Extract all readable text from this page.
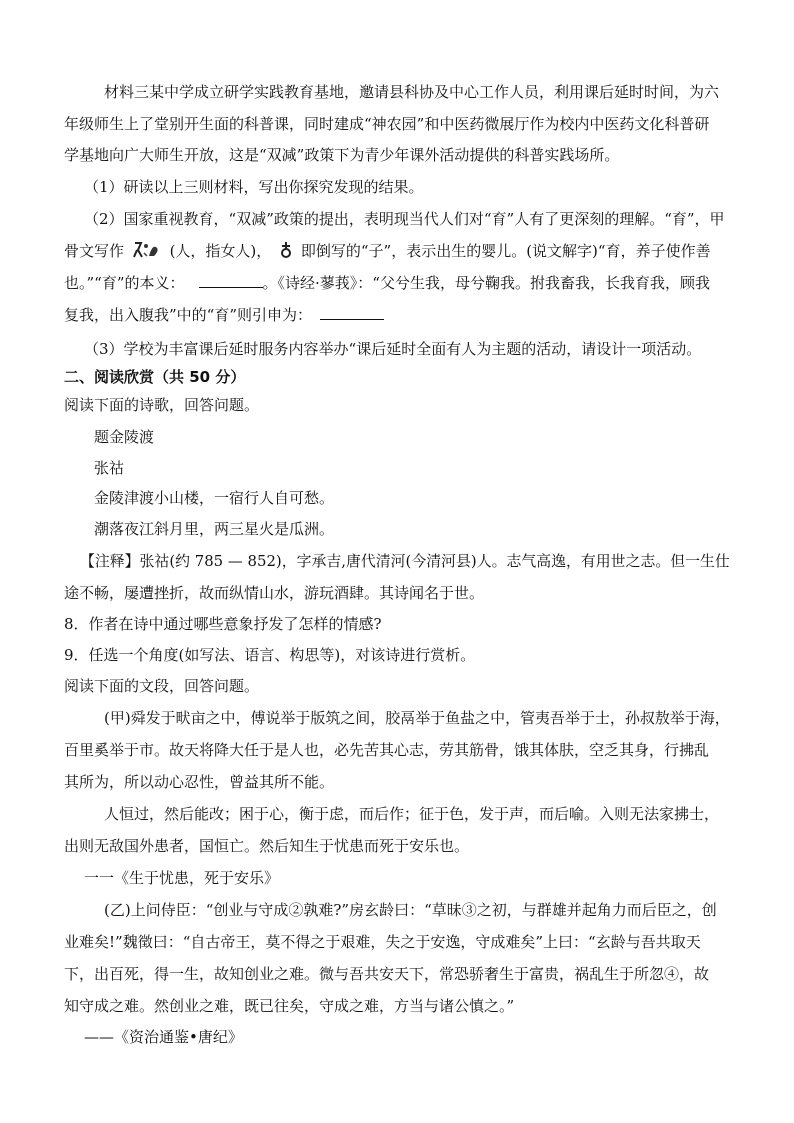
材料三某中学成立研学实践教育基地，邀请县科协及中心工作人员，利用课后延时时间，为六
年级师生上了堂别开生面的科普课，同时建成“神农园”和中医药微展厅作为校内中医药文化科普研
学基地向广大师生开放，这是“双减”政策下为青少年课外活动提供的科普实践场所。
（1）研读以上三则材料，写出你探究发现的结果。
（2）国家重视教育，“双减”政策的提出，表明现当代人们对“育”人有了更深刻的理解。“育”，甲
骨文写作	(人，指女人)， 即倒写的“子”，表示出生的婴儿。(说文解字)“育，养子使作善
也。”“育”的本义：	。《诗经·蓼莪》：“父兮生我，母兮鞠我。拊我畜我，长我育我，顾我
复我，出入腹我”中的“育”则引申为：
（3）学校为丰富课后延时服务内容举办“课后延时全面有人为主题的活动，请设计一项活动。
二、阅读欣赏（共 50 分）
阅读下面的诗歌，回答问题。
题金陵渡
张祜
金陵津渡小山楼，一宿行人自可愁。
潮落夜江斜月里，两三星火是瓜洲。
【注释】张祜(约 785 — 852)，字承吉,唐代清河(今清河县)人。志气高逸，有用世之志。但一生仕
途不畅，屡遭挫折，故而纵情山水，游玩酒肆。其诗闻名于世。
8．作者在诗中通过哪些意象抒发了怎样的情感?
9．任选一个角度(如写法、语言、构思等)，对该诗进行赏析。
阅读下面的文段，回答问题。
(甲)舜发于畎亩之中，傅说举于版筑之间，胶鬲举于鱼盐之中，管夷吾举于士，孙叔敖举于海，
百里奚举于市。故天将降大任于是人也，必先苦其心志，劳其筋骨，饿其体肤，空乏其身，行拂乱
其所为，所以动心忍性，曾益其所不能。
人恒过，然后能改；困于心，衡于虑，而后作；征于色，发于声，而后喻。入则无法家拂士，
出则无敌国外患者，国恒亡。然后知生于忧患而死于安乐也。
一一《生于忧患，死于安乐》
(乙)上问侍臣：“创业与守成②孰难?”房玄龄曰：“草昧③之初，与群雄并起角力而后臣之，创
业难矣!”魏徵曰：“自古帝王，莫不得之于艰难，失之于安逸，守成难矣”上曰：“玄龄与吾共取天
下，出百死，得一生，故知创业之难。微与吾共安天下，常恐骄奢生于富贵，祸乱生于所忽④，故
知守成之难。然创业之难，既已往矣，守成之难，方当与诸公慎之。”
——《资治通鉴•唐纪》
